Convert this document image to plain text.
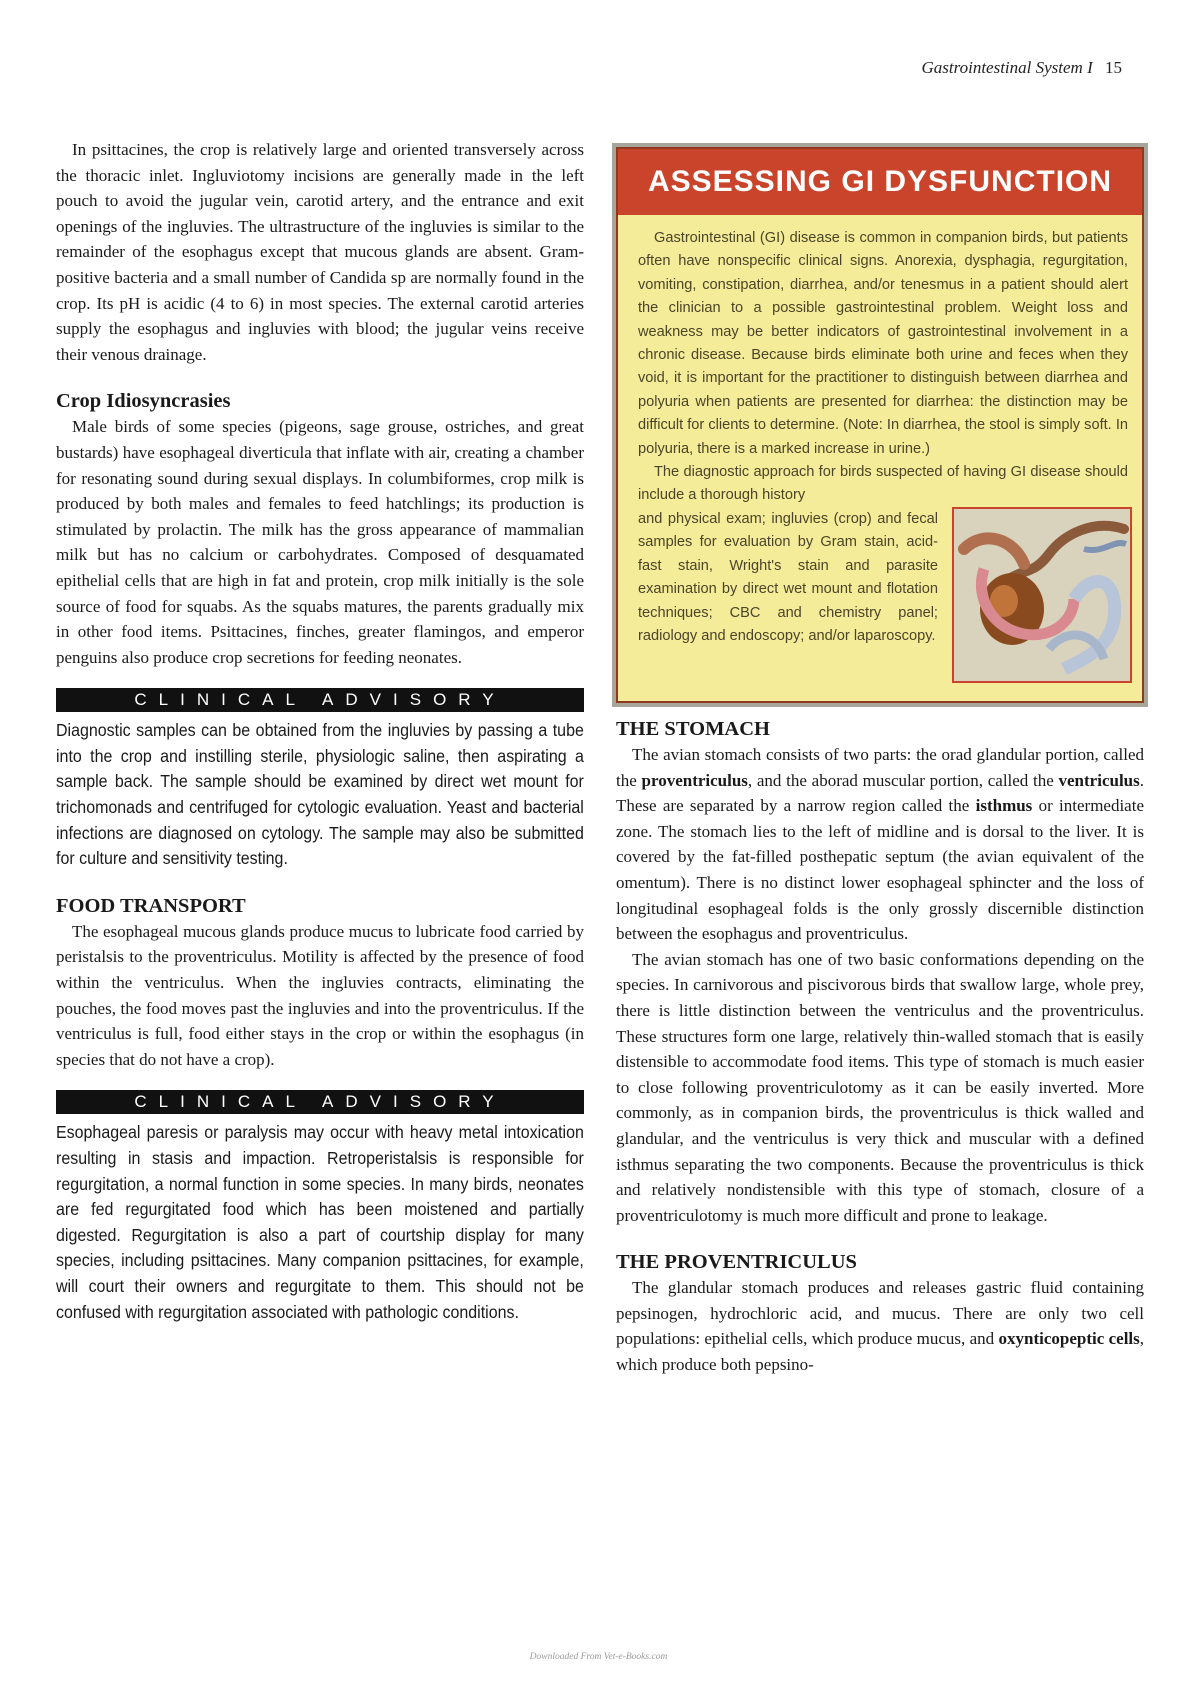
Gastrointestinal System I 15

In psittacines, the crop is relatively large and oriented transversely across the thoracic inlet. Ingluviotomy incisions are generally made in the left pouch to avoid the jugular vein, carotid artery, and the entrance and exit openings of the ingluvies. The ultrastructure of the ingluvies is similar to the remainder of the esophagus except that mucous glands are absent. Gram-positive bacteria and a small number of Candida sp are normally found in the crop. Its pH is acidic (4 to 6) in most species. The external carotid arteries supply the esophagus and ingluvies with blood; the jugular veins receive their venous drainage.

Crop Idiosyncrasies

Male birds of some species (pigeons, sage grouse, ostriches, and great bustards) have esophageal diverticula that inflate with air, creating a chamber for resonating sound during sexual displays. In columbiformes, crop milk is produced by both males and females to feed hatchlings; its production is stimulated by prolactin. The milk has the gross appearance of mammalian milk but has no calcium or carbohydrates. Composed of desquamated epithelial cells that are high in fat and protein, crop milk initially is the sole source of food for squabs. As the squabs matures, the parents gradually mix in other food items. Psittacines, finches, greater flamingos, and emperor penguins also produce crop secretions for feeding neonates.

CLINICAL ADVISORY

Diagnostic samples can be obtained from the ingluvies by passing a tube into the crop and instilling sterile, physiologic saline, then aspirating a sample back. The sample should be examined by direct wet mount for trichomonads and centrifuged for cytologic evaluation. Yeast and bacterial infections are diagnosed on cytology. The sample may also be submitted for culture and sensitivity testing.

FOOD TRANSPORT

The esophageal mucous glands produce mucus to lubricate food carried by peristalsis to the proventriculus. Motility is affected by the presence of food within the ventriculus. When the ingluvies contracts, eliminating the pouches, the food moves past the ingluvies and into the proventriculus. If the ventriculus is full, food either stays in the crop or within the esophagus (in species that do not have a crop).

CLINICAL ADVISORY

Esophageal paresis or paralysis may occur with heavy metal intoxication resulting in stasis and impaction. Retroperistalsis is responsible for regurgitation, a normal function in some species. In many birds, neonates are fed regurgitated food which has been moistened and partially digested. Regurgitation is also a part of courtship display for many species, including psittacines. Many companion psittacines, for example, will court their owners and regurgitate to them. This should not be confused with regurgitation associated with pathologic conditions.

ASSESSING GI DYSFUNCTION

Gastrointestinal (GI) disease is common in companion birds, but patients often have nonspecific clinical signs. Anorexia, dysphagia, regurgitation, vomiting, constipation, diarrhea, and/or tenesmus in a patient should alert the clinician to a possible gastrointestinal problem. Weight loss and weakness may be better indicators of gastrointestinal involvement in a chronic disease. Because birds eliminate both urine and feces when they void, it is important for the practitioner to distinguish between diarrhea and polyuria when patients are presented for diarrhea: the distinction may be difficult for clients to determine. (Note: In diarrhea, the stool is simply soft. In polyuria, there is a marked increase in urine.)

The diagnostic approach for birds suspected of having GI disease should include a thorough history

and physical exam; ingluvies (crop) and fecal samples for evaluation by Gram stain, acid-fast stain, Wright's stain and parasite examination by direct wet mount and flotation techniques; CBC and chemistry panel; radiology and endoscopy; and/or laparoscopy.

THE STOMACH

The avian stomach consists of two parts: the orad glandular portion, called the proventriculus, and the aborad muscular portion, called the ventriculus. These are separated by a narrow region called the isthmus or intermediate zone. The stomach lies to the left of midline and is dorsal to the liver. It is covered by the fat-filled posthepatic septum (the avian equivalent of the omentum). There is no distinct lower esophageal sphincter and the loss of longitudinal esophageal folds is the only grossly discernible distinction between the esophagus and proventriculus.

The avian stomach has one of two basic conformations depending on the species. In carnivorous and piscivorous birds that swallow large, whole prey, there is little distinction between the ventriculus and the proventriculus. These structures form one large, relatively thin-walled stomach that is easily distensible to accommodate food items. This type of stomach is much easier to close following proventriculotomy as it can be easily inverted. More commonly, as in companion birds, the proventriculus is thick walled and glandular, and the ventriculus is very thick and muscular with a defined isthmus separating the two components. Because the proventriculus is thick and relatively nondistensible with this type of stomach, closure of a proventriculotomy is much more difficult and prone to leakage.

THE PROVENTRICULUS

The glandular stomach produces and releases gastric fluid containing pepsinogen, hydrochloric acid, and mucus. There are only two cell populations: epithelial cells, which produce mucus, and oxynticopeptic cells, which produce both pepsino-

Downloaded From Vet-e-Books.com
